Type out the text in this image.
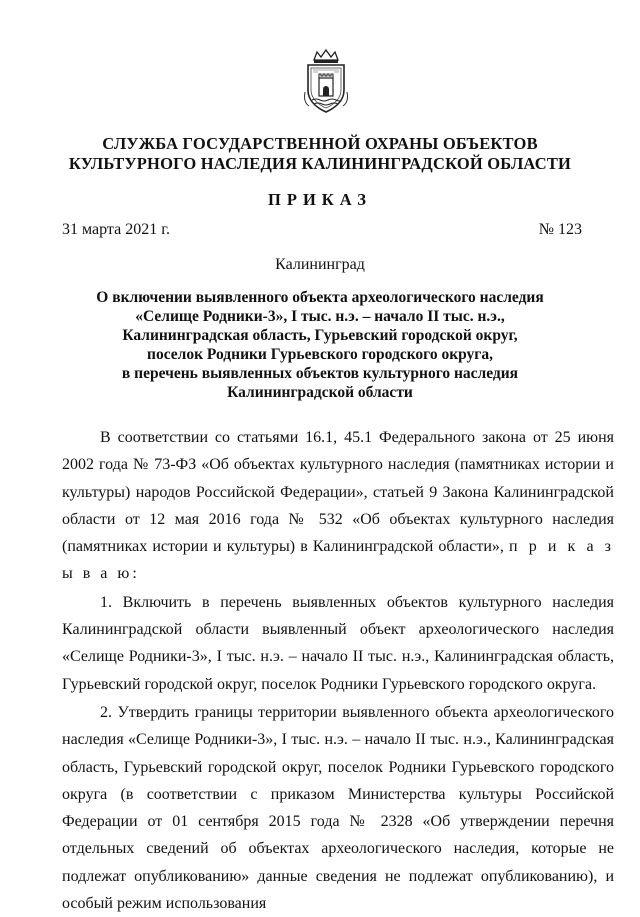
СЛУЖБА ГОСУДАРСТВЕННОЙ ОХРАНЫ ОБЪЕКТОВ
КУЛЬТУРНОГО НАСЛЕДИЯ КАЛИНИНГРАДСКОЙ ОБЛАСТИ
ПРИКАЗ
31 марта 2021 г.	№ 123
Калининград
О включении выявленного объекта археологического наследия
«Селище Родники-3», I тыс. н.э. – начало II тыс. н.э.,
Калининградская область, Гурьевский городской округ,
поселок Родники Гурьевского городского округа,
в перечень выявленных объектов культурного наследия
Калининградской области

В соответствии со статьями 16.1, 45.1 Федерального закона от 25 июня 2002 года № 73-ФЗ «Об объектах культурного наследия (памятниках истории и культуры) народов Российской Федерации», статьей 9 Закона Калининградской области от 12 мая 2016 года № 532 «Об объектах культурного наследия (памятниках истории и культуры) в Калининградской области», п р и к а з ы в а ю:

1. Включить в перечень выявленных объектов культурного наследия Калининградской области выявленный объект археологического наследия «Селище Родники-3», I тыс. н.э. – начало II тыс. н.э., Калининградская область, Гурьевский городской округ, поселок Родники Гурьевского городского округа.

2. Утвердить границы территории выявленного объекта археологического наследия «Селище Родники-3», I тыс. н.э. – начало II тыс. н.э., Калининградская область, Гурьевский городской округ, поселок Родники Гурьевского городского округа (в соответствии с приказом Министерства культуры Российской Федерации от 01 сентября 2015 года № 2328 «Об утверждении перечня отдельных сведений об объектах археологического наследия, которые не подлежат опубликованию» данные сведения не подлежат опубликованию), и особый режим использования
